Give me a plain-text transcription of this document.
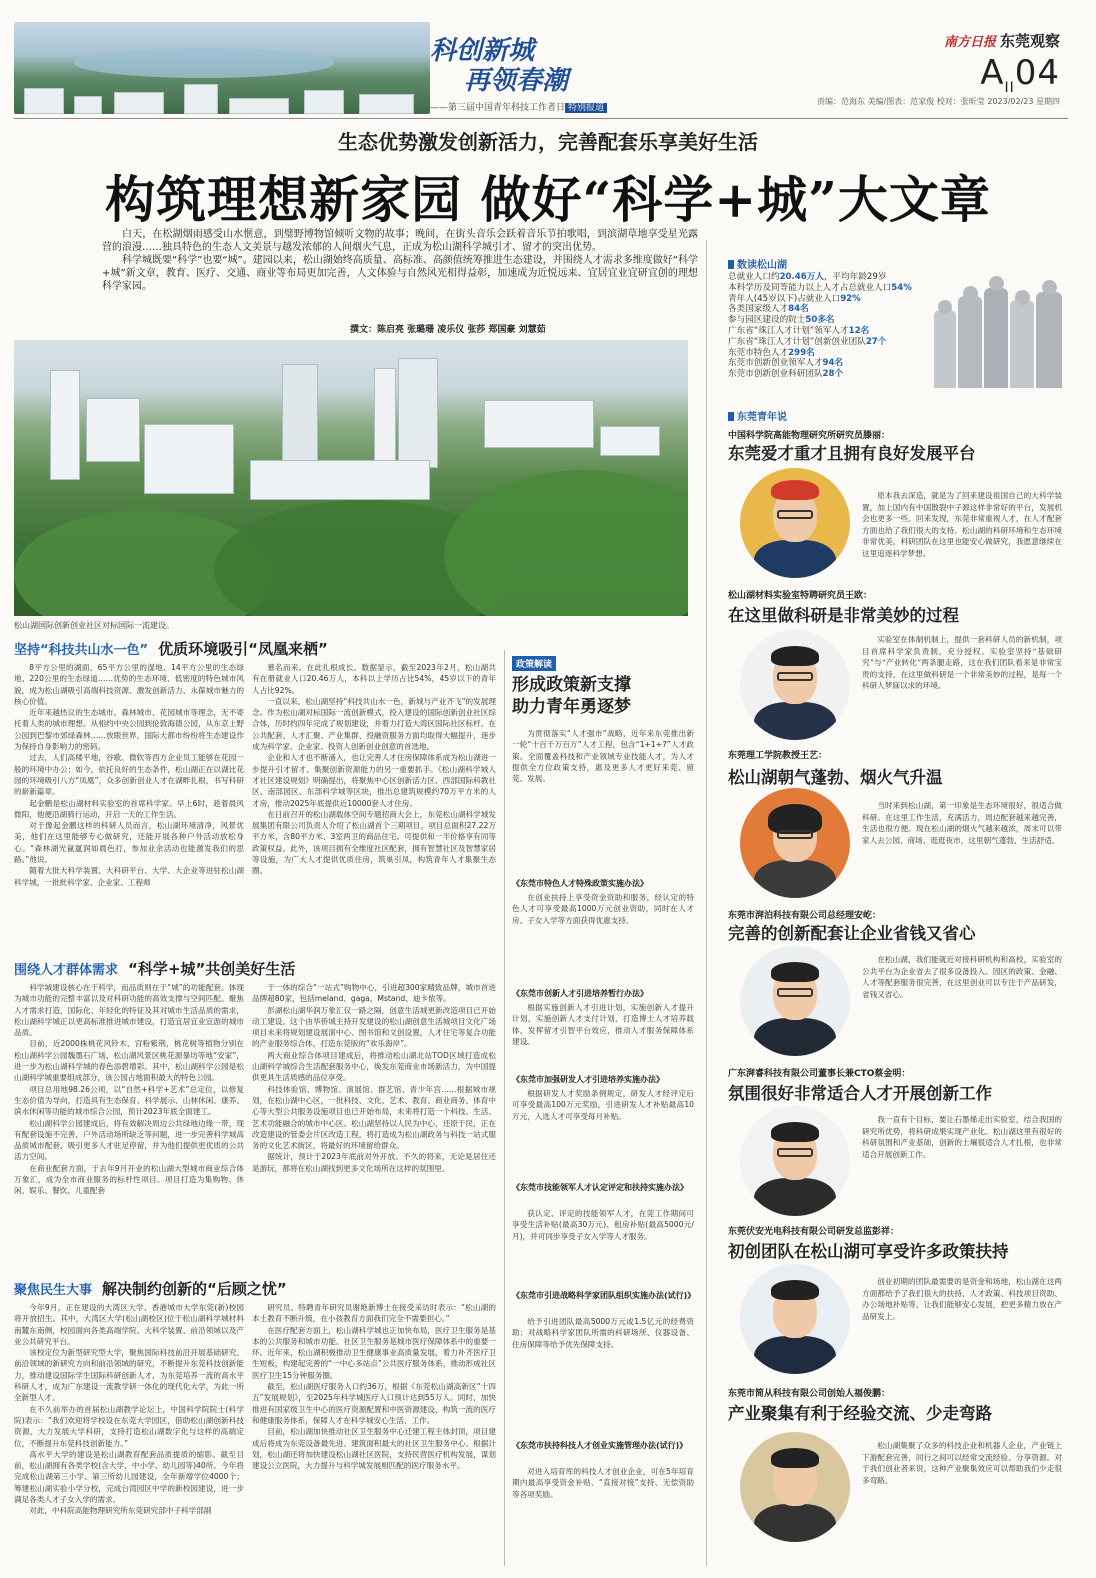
科创新城
再领春潮
——第三届中国青年科技工作者日 特别报道
南方日报 东莞观察
$A_{II}04$
责编：范海东 美编/图表：范家俊 校对：张昕莹 2023/02/23 星期四
生态优势激发创新活力，完善配套乐享美好生活
构筑理想新家园 做好“科学+城”大文章

白天，在松湖烟雨感受山水惬意，到璧野博物馆倾听文物的故事；晚间，在街头音乐会跃着音乐节拍歌唱，到滨湖草地享受星光露营的浪漫……独具特色的生态人文美景与越发浓郁的人间烟火气息，正成为松山湖科学城引才、留才的突出优势。

科学城既要“科学”也要“城”。建园以来，松山湖始终高质量、高标准、高颜值统筹推进生态建设，并围绕人才需求多维度做好“科学+城”新文章，教育、医疗、交通、商业等布局更加完善，人文体验与自然风光相得益彰，加速成为近悦远来、宜居宜业宜研宜创的理想科学家园。

撰文：陈启亮 张璐珊 凌乐仪 张莎 郑国豪 刘慧茹
松山湖国际创新创业社区对标国际一流建设。
坚持“科技共山水一色” 优质环境吸引“凤凰来栖”

8平方公里的湖面、65平方公里的湿地、14平方公里的生态绿地、220公里的生态绿道……优势的生态环境、低密度的特色城市风貌，成为松山湖吸引高端科技资源、激发创新活力、永葆城市魅力的核心价值。

近年来越热议的生态城市、森林城市、花园城市等理念，无不寄托着人类的城市理想。从相约中央公园到伦敦海德公园，从东京上野公园到巴黎市郊绿森林……放眼世界，国际大都市纷纷将生态建设作为保持自身影响力的密码。

过去，人们高楼平地，谷歌、微软等西方企业员工能够在花园一般的环境中办公；如今，依托良好的生态条件，松山湖正在以湖比花园的环境吸引八方“凤凰”，众多创新创业人才在湖畔扎根，书写科研的崭新篇章。

起金鹏是松山湖材料实验室的首席科学家。早上6时，趁着晨风微阳，他便沿湖骑行运动，开启一天的工作生活。

对于像起金鹏这样的科研人员而言，松山湖环境清净，风景优美，他们在这里能够专心做研究，还能开展各种户外活动放松身心。“森林湖光氤氲润如晨色打，参加业余活动也能激发我们的思路。”他说。

随着大批大科学装置、大科研平台、大学、大企业等进驻松山湖科学城，一批批科学家、企业家、工程师

慕名而来。在此扎根成长。数据显示，截至2023年2月，松山湖共有在册就业人口20.46万人，本科以上学历占比54%，45岁以下的青年人占比92%。

一直以来，松山湖坚持“科技共山水一色，新城与产业齐飞”的发展理念。作为松山湖对标国际一流创新模式，投入建设的国际创新创业社区综合体，历时约四年完成了规划建设，并着力打造大湾区国际社区标杆。在公共配套、人才汇聚、产业集群、投融资服务方面均取得大幅提升，逐步成为科学家、企业家、投资人创新创业创意的首选地。

企业和人才也不断涌入，也让完善人才住房保障体系成为松山湖进一步提升引才留才、集聚创新资源能力的另一重要抓手。《松山湖科学城人才社区建设规划》明确提出，将聚焦中心区创新活力区、西部国际科教社区、南部园区、东部科学城等区块，推出总建筑规模约70万平方米的人才房，推动2025年底提供近10000套人才住房。

在日前召开的松山湖载体空间专题招商大会上，东莞松山湖科学城发展集团有限公司负责人介绍了松山湖首个三期项目，项目总面积27.22万平方米，含80平方米、3室两卫的商品住宅。可提供和一半价格享有同等政策权益。此外，该项目拥有全维度社区配套，拥有智慧社区及智慧家居等设施，为广大人才提供优质住房，筑巢引凤，构筑青年人才集聚生态圈。

围绕人才群体需求 “科学+城”共创美好生活

科学城建设核心在于科学，而品质则在于“城”的功能配套。体现为城市功能的完整丰富以及对科研功能的高效支撑与空间匹配。聚焦人才需求打造，国际化、年轻化的特征及其对城市生活品质的需求，松山湖科学城正以更高标准推进城市建设，打造宜居宜业宜游的城市品质。

目前，近2000株桃花风铃木、宫粉紫荆，桃花树等植物分别在松山湖科学公园魏墨石广场、松山湖风景区桃花源暴坊等地“安家”，进一步为松山湖科学城的春色添碧增彩。其中，松山湖科学公园是松山湖科学城重要组成部分，该公园占地面积最大的特色公园。

项目总用地98.26公顷，以“自然+科学+艺术”总定位，以修复生态价值为导向，打造具有生态保育、科学展示、山林休闲、康养、滨水休闲等功能的城市综合公园，预计2023年底全面建工。

松山湖科学公园建成后，将有效解决周边公共绿地边缘一带，现有配套设施不完善，户外活动场所缺乏等问题，进一步完善科学城高品质城市配套，吸引更多人才驻足停留，并为他们提供更优质的公共活力空间。

在商业配套方面，于去年9月开业的松山湖大型城市商业综合体万象汇，成为全市商业服务的标杆性项目。项目打造为集购物、休闲、娱乐、餐饮、儿童配套

于一体的综合“一站式”购物中心，引进超300家精致品牌，城市首进品牌超80家，包括meland、gaga、Mstand、迪卡侬等。

彭湖松山湖华润万象汇仅一路之隔，创意生活城更新改造项目已开始动工建设。这个由华侨城主持开发建设的松山湖创意生活城项目文化广场项目未来将规划建设展演中心、图书馆和文创设置，人才住宅等复合功能的产业服务综合体，打造东莞版的“欢乐海岸”。

两大商业综合体项目建成后，将推动松山湖北站TOD区域打造成松山湖科学城综合生活配套服务中心，焕发东莞商业市场新活力，为中国提供更具生活质感的品位享受。

科技体验馆、博物馆、演展馆、群艺馆、青少年宫……根据城市规划，在松山湖中心区，一批科技、文化、艺术、教育、商业商务、体育中心等大型公共服务设施项目也已开始布局，未来将打造一个科技、生活、艺术功能融合的城市中心区。松山湖坚持以人民为中心，还原于民，正在改造建设的管委会片区改造工程，将打造成为松山湖政务与科技一站式服务的文化艺术街区，将最好的环境留给群众。

据统计，预计于2023年底前对外开放。不久的将来，无论是居住还是游玩，都将在松山湖找到更多文化场所在这样的氛围里。

聚焦民生大事 解决制约创新的“后顾之忧”

今年9月，正在建设的大湾区大学、香港城市大学东莞(新)校园将开放招生。其中，大湾区大学(松山湖校区)位于松山湖科学城材料南麓东南侧，校园面向各类高端学院、大科学装置、前沿领域以及产业公共研究平台。

该校定位为新型研究型大学，聚焦国际科技前沿开展基础研究、前沿领域的新研究方向和前沿领域的研究，不断提升东莞科技创新能力，推动建设国际学生国际科研创新人才，为东莞培养一流的高水平科研人才，成为广东建设一流教学研一体化的现代化大学，为此一所全新型人才。

在不久前举办的首届松山湖教学论坛上，中国科学院院士(科学院)表示：“我们欢迎将学校设在东莞大学园区，借助松山湖创新科技资源，大力发展大学科研，支持打造松山湖数字化与这样的高端定位，不断提升东莞科技创新能力。”

高水平大学的建设是松山湖教育配套品质提质的缩影。截至目前，松山湖拥有各类学校(含大学、中小学、幼儿园等)40所。今年将完成松山湖第三小学、第三所幼儿园建设，全年新增学位4000个；筹建松山湖实验小学分校，完成台湾园区中学的新校园建设，进一步满足各类人才子女入学的需求。

对此，中科院高能物理研究所东莞研究部中子科学部副

研究员、特聘青年研究员谢艳新博士在接受采访时表示：“松山湖的本土教育不断升级，在小孩教育方面我们完全不需要担心。”

在医疗配套方面上，松山湖科学城也正加快布局，医疗卫生服务是基本的公共服务和城市功能。社区卫生服务是城市医疗保障体系中的重要一环。近年来，松山湖积极推动卫生健康事业高质量发展，着力补齐医疗卫生短板，构建起完善的“一中心多站点”公共医疗服务体系，推动形成社区医疗卫生15分钟服务圈。

截至，松山湖医疗服务人口约36万，根据《东莞松山湖高新区“十四五”发展规划》，至2025年科学城医疗人口预计达到55万人。同时，加快推进有国家级卫生中心的医疗资源配置和中医资源建设，构筑一流的医疗和健康服务体系，保障人才在科学城安心生活、工作。

目前，松山湖加快推动社区卫生服务中心迁建工程主体封顶，项目建成后将成为东莞设备最先进、建筑面积最大的社区卫生服务中心。根据计划，松山湖还将加快建设松山湖社区医院，支持民营医疗机构发展，谋划建设公立医院，大力提升与科学城发展相匹配的医疗服务水平。

政策解读
形成政策新支撑
助力青年勇逐梦

为贯彻落实“人才强市”战略，近年来东莞推出新一轮“十百千万百万”人才工程，包含“1+1+7”人才政策。全面覆盖科技和产业领域专业技能人才，为人才提供全方位政策支持，惠及更多人才更好来莞、留莞、发展。

《东莞市特色人才特殊政策实施办法》

在创业扶持上享受资金资助和服务，经认定的特色人才可享受最高1000万元创业资助，同时在人才房、子女入学等方面获得优惠支持。

《东莞市创新人才引进培养暂行办法》

根据实施创新人才引进计划，实施创新人才提升计划，实施创新人才支付计划，打造博士人才培养载体，发挥留才引智平台效应，推动人才服务保障体系建设。

《东莞市加强研发人才引进培养实施办法》

根据研发人才奖励条例规定，研发人才经评定后可享受最高100万元奖励，引进研发人才补贴最高10万元，入选人才可享受每月补贴。

《东莞市技能领军人才认定评定和扶持实施办法》

获认定、评定的技能领军人才，在莞工作期间可享受生活补贴(最高30万元)、租房补贴(最高5000元/月)，并可同步享受子女入学等人才服务。

《东莞市引进战略科学家团队组织实施办法(试行)》

给予引进团队最高5000万元或1.5亿元的经费资助；对战略科学家团队所需的科研场所、仪器设备、住房保障等给予优先保障支持。

《东莞市扶持科技人才创业实施管理办法(试行)》

对进入培育库的科技人才创业企业，可在5年培育期内最高享受资金补贴、“直接对接”支持、无偿资助等各项奖励。

数读松山湖
总就业人口约20.46万人，平均年龄29岁
本科学历及同等能力以上人才占总就业人口54%
青年人(45岁以下)占就业人口92%
各类国家级人才84名
参与园区建设的院士50多名
广东省“珠江人才计划”领军人才12名
广东省“珠江人才计划”创新创业团队27个
东莞市特色人才299名
东莞市创新创业领军人才94名
东莞市创新创业科研团队28个
东莞青年说
中国科学院高能物理研究所研究员滕丽：
东莞爱才重才且拥有良好发展平台

原本我去深造，就是为了回来建设祖国自己的大科学装置，加上国内有中国散裂中子源这样非常好的平台，发展机会也更多一些。回来发现，东莞非常重视人才，在人才配套方面也给了我们很大的支持。松山湖的科研环境和生态环境非常优美，科研团队在这里也能安心做研究，我愿意继续在这里追逐科学梦想。

松山湖材料实验室特聘研究员王欧：
在这里做科研是非常美妙的过程

实验室在体制机制上，提供一套科研人员的新机制，项目首席科学家负责制，充分授权。实验室坚持“基础研究”与“产业转化”两条腿走路，这在我们团队看来是非常宝贵的支持，在这里做科研是一个非常美妙的过程，是每一个科研人梦寐以求的环境。

东莞理工学院教授王艺：
松山湖朝气蓬勃、烟火气升温

当时来到松山湖，第一印象是生态环境很好，很适合做科研。在这里工作生活，充满活力，周边配套越来越完善，生活也很方便。现在松山湖的烟火气越来越浓，周末可以带家人去公园、商场、逛逛夜市，这里朝气蓬勃、生活舒适。

东莞市湃泊科技有限公司总经理安屹：
完善的创新配套让企业省钱又省心

在松山湖，我们能就近对接科研机构和高校，实验室的公共平台为企业省去了很多设备投入。园区的政策、金融、人才等配套服务很完善，在这里创业可以专注于产品研发，省钱又省心。

广东湃睿科技有限公司董事长兼CTO蔡金明：
氛围很好非常适合人才开展创新工作

我一直有个目标，要让石墨烯走出实验室，结合我国的研究所优势，将科研成果实现产业化。松山湖这里有很好的科研氛围和产业基础，创新的土壤很适合人才扎根，也非常适合开展创新工作。

东莞伏安光电科技有限公司研发总监彭祥：
初创团队在松山湖可享受许多政策扶持

创业初期的团队最需要的是资金和场地，松山湖在这两方面都给予了我们很大的扶持，人才政策、科技项目资助、办公场地补贴等，让我们能够安心发展，把更多精力放在产品研发上。

东莞市简从科技有限公司创始人福俊鹏：
产业聚集有利于经验交流、少走弯路

松山湖集聚了众多的科技企业和机器人企业，产业链上下游配套完善，同行之间可以经常交流经验、分享资源。对于我们创业者来说，这种产业聚集效应可以帮助我们少走很多弯路。
